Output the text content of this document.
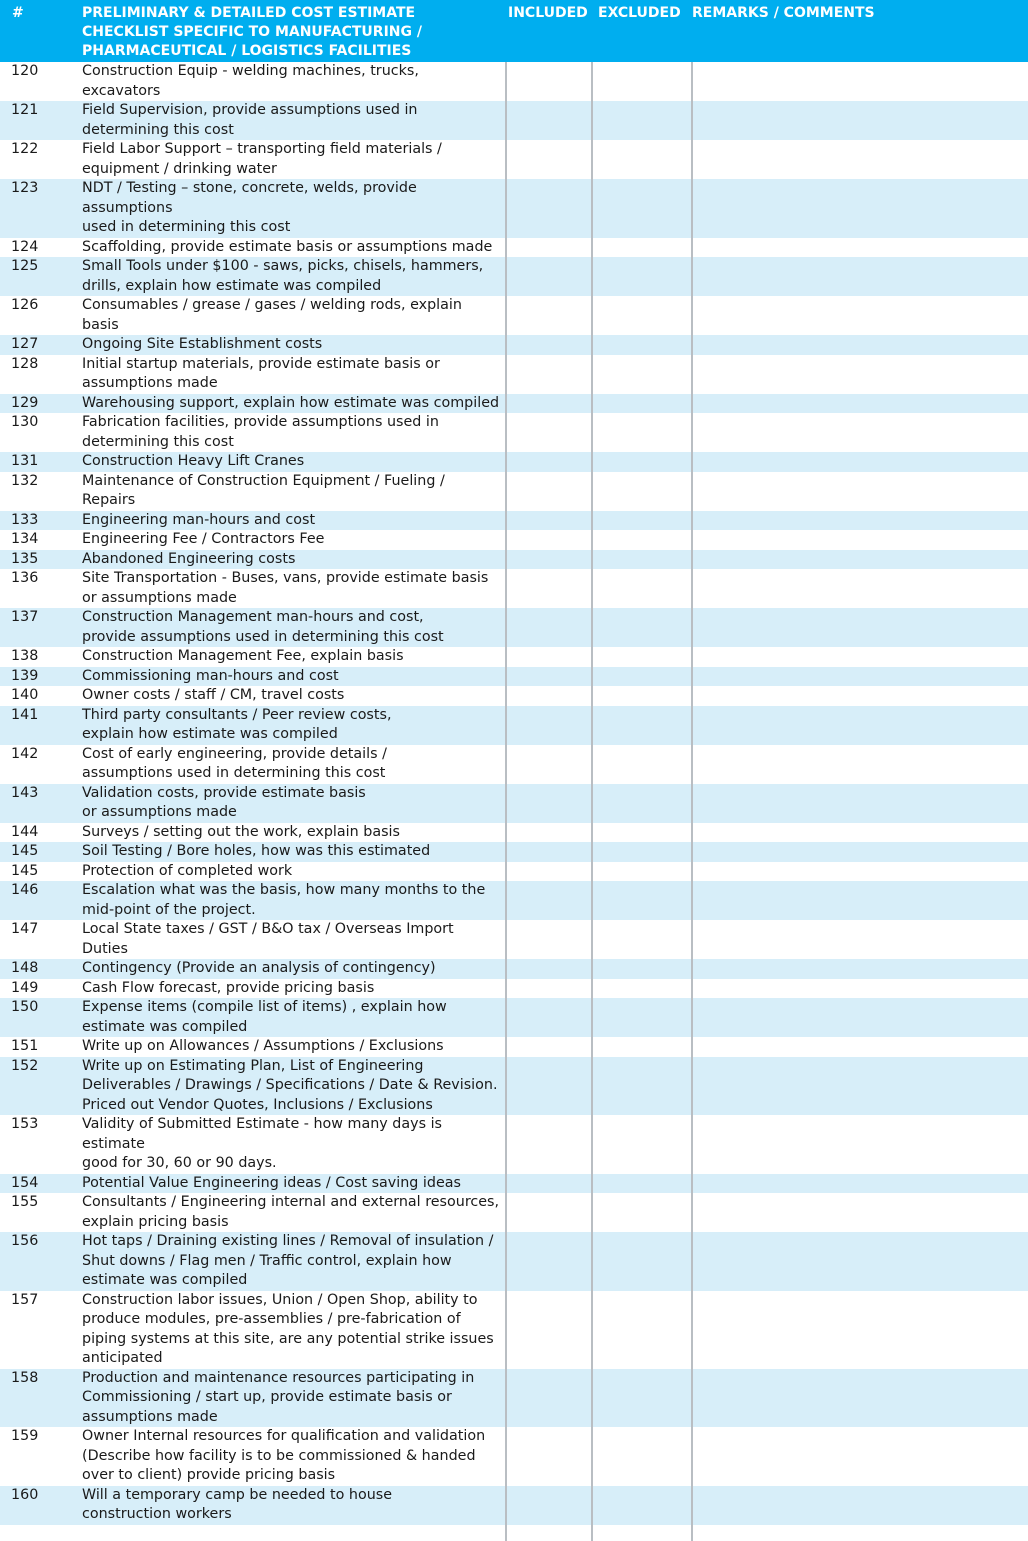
#	PRELIMINARY & DETAILED COST ESTIMATE CHECKLIST SPECIFIC TO MANUFACTURING / PHARMACEUTICAL / LOGISTICS FACILITIES	INCLUDED	EXCLUDED	REMARKS / COMMENTS
120	Construction Equip - welding machines, trucks, excavators			
121	Field Supervision, provide assumptions used in
determining this cost			
122	Field Labor Support – transporting field materials /
equipment / drinking water			
123	NDT / Testing – stone, concrete, welds, provide assumptions
used in determining this cost			
124	Scaffolding, provide estimate basis or assumptions made			
125	Small Tools under $100 - saws, picks, chisels, hammers,
drills, explain how estimate was compiled			
126	Consumables / grease / gases / welding rods, explain basis			
127	Ongoing Site Establishment costs			
128	Initial startup materials, provide estimate basis or
assumptions made			
129	Warehousing support, explain how estimate was compiled			
130	Fabrication facilities, provide assumptions used in
determining this cost			
131	Construction Heavy Lift Cranes			
132	Maintenance of Construction Equipment / Fueling / Repairs			
133	Engineering man-hours and cost			
134	Engineering Fee / Contractors Fee			
135	Abandoned Engineering costs			
136	Site Transportation - Buses, vans, provide estimate basis
or assumptions made			
137	Construction Management man-hours and cost,
provide assumptions used in determining this cost			
138	Construction Management Fee, explain basis			
139	Commissioning man-hours and cost			
140	Owner costs / staff / CM, travel costs			
141	Third party consultants / Peer review costs,
explain how estimate was compiled			
142	Cost of early engineering, provide details /
assumptions used in determining this cost			
143	Validation costs, provide estimate basis
or assumptions made			
144	Surveys / setting out the work, explain basis			
145	Soil Testing / Bore holes, how was this estimated			
145	Protection of completed work			
146	Escalation what was the basis, how many months to the
mid-point of the project.			
147	Local State taxes / GST / B&O tax / Overseas Import Duties			
148	Contingency (Provide an analysis of contingency)			
149	Cash Flow forecast, provide pricing basis			
150	Expense items (compile list of items) , explain how
estimate was compiled			
151	Write up on Allowances / Assumptions / Exclusions			
152	Write up on Estimating Plan, List of Engineering
Deliverables / Drawings / Specifications / Date & Revision.
Priced out Vendor Quotes, Inclusions / Exclusions			
153	Validity of Submitted Estimate - how many days is estimate
good for 30, 60 or 90 days.			
154	Potential Value Engineering ideas / Cost saving ideas			
155	Consultants / Engineering internal and external resources,
explain pricing basis			
156	Hot taps / Draining existing lines / Removal of insulation /
Shut downs / Flag men / Traffic control, explain how
estimate was compiled			
157	Construction labor issues, Union / Open Shop, ability to
produce modules, pre-assemblies / pre-fabrication of
piping systems at this site, are any potential strike issues
anticipated			
158	Production and maintenance resources participating in
Commissioning / start up, provide estimate basis or
assumptions made			
159	Owner Internal resources for qualification and validation
(Describe how facility is to be commissioned & handed
over to client) provide pricing basis			
160	Will a temporary camp be needed to house
construction workers			
